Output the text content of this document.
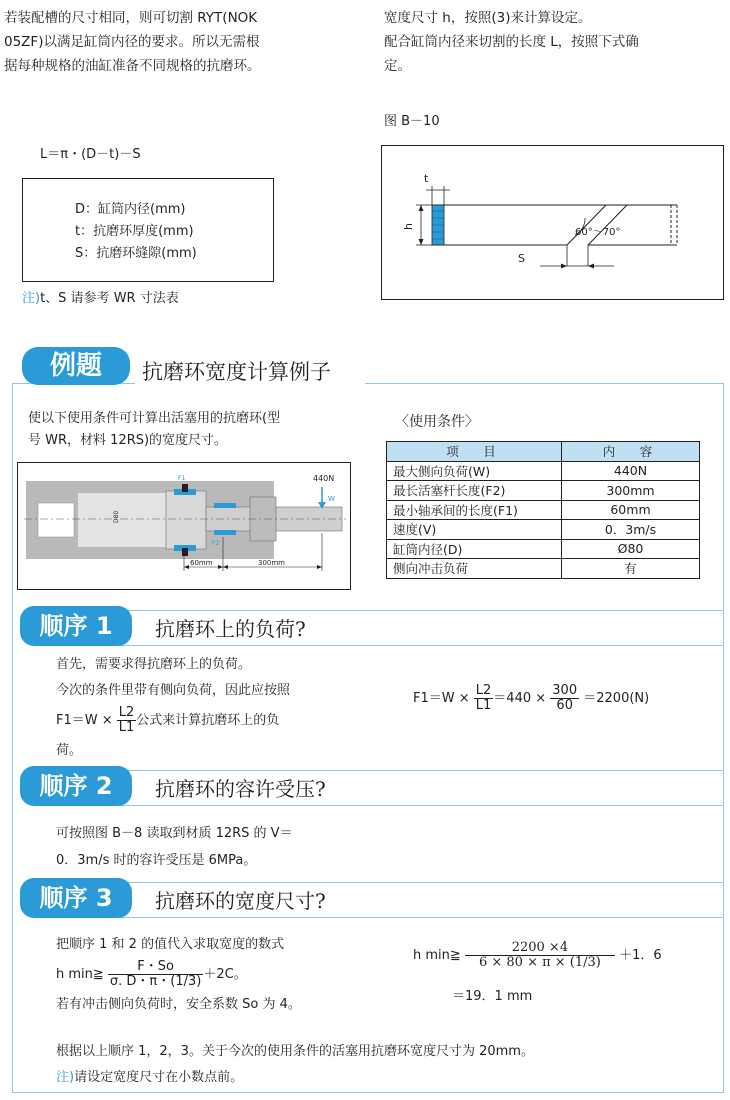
若装配槽的尺寸相同，则可切割 RYT(NOK
05ZF)以满足缸筒内径的要求。所以无需根
据每种规格的油缸准备不同规格的抗磨环。
L＝π・(D－t)－S
D：缸筒内径(mm)
t：抗磨环厚度(mm)
S：抗磨环缝隙(mm)
注)t、S 请参考 WR 寸法表
宽度尺寸 h，按照(3)来计算设定。
配合缸筒内径来切割的长度 L，按照下式确
定。
图 B－10
t
h
S
60°～70°
例题	抗磨环宽度计算例子
使以下使用条件可计算出活塞用的抗磨环(型
号 WR，材料 12RS)的宽度尺寸。
440N
W
F1
F2
D80
60mm	300mm
〈使用条件〉
项　目	内　容
最大侧向负荷(W)	440N
最长活塞杆长度(F2)	300mm
最小轴承间的长度(F1)	60mm
速度(V)	0．3m/s
缸筒内径(D)	Ø80
侧向冲击负荷	有
顺序 1	抗磨环上的负荷?
首先，需要求得抗磨环上的负荷。
今次的条件里带有侧向负荷，因此应按照
$F1=W \times \frac{L2}{L1}$ 公式来计算抗磨环上的负
荷。
$F1=W \times \frac{L2}{L1} =440 \times \frac{300}{60} =2200(N)$
顺序 2	抗磨环的容许受压?
可按照图 B－8 读取到材质 12RS 的 V＝
0．3m/s 时的容许受压是 6MPa。
顺序 3	抗磨环的宽度尺寸?
把顺序 1 和 2 的值代入求取宽度的数式
h min≧ $\frac{F・So}{\sigma. D・\pi・(1/3)} +2C$。
若有冲击侧向负荷时，安全系数 So 为 4。
h min≧ $\frac{2200 \times 4}{6 \times 80 \times \pi \times (1/3)} +1$．6
＝19．1 mm
根据以上顺序 1，2，3。关于今次的使用条件的活塞用抗磨环宽度尺寸为 20mm。
注)请设定宽度尺寸在小数点前。
